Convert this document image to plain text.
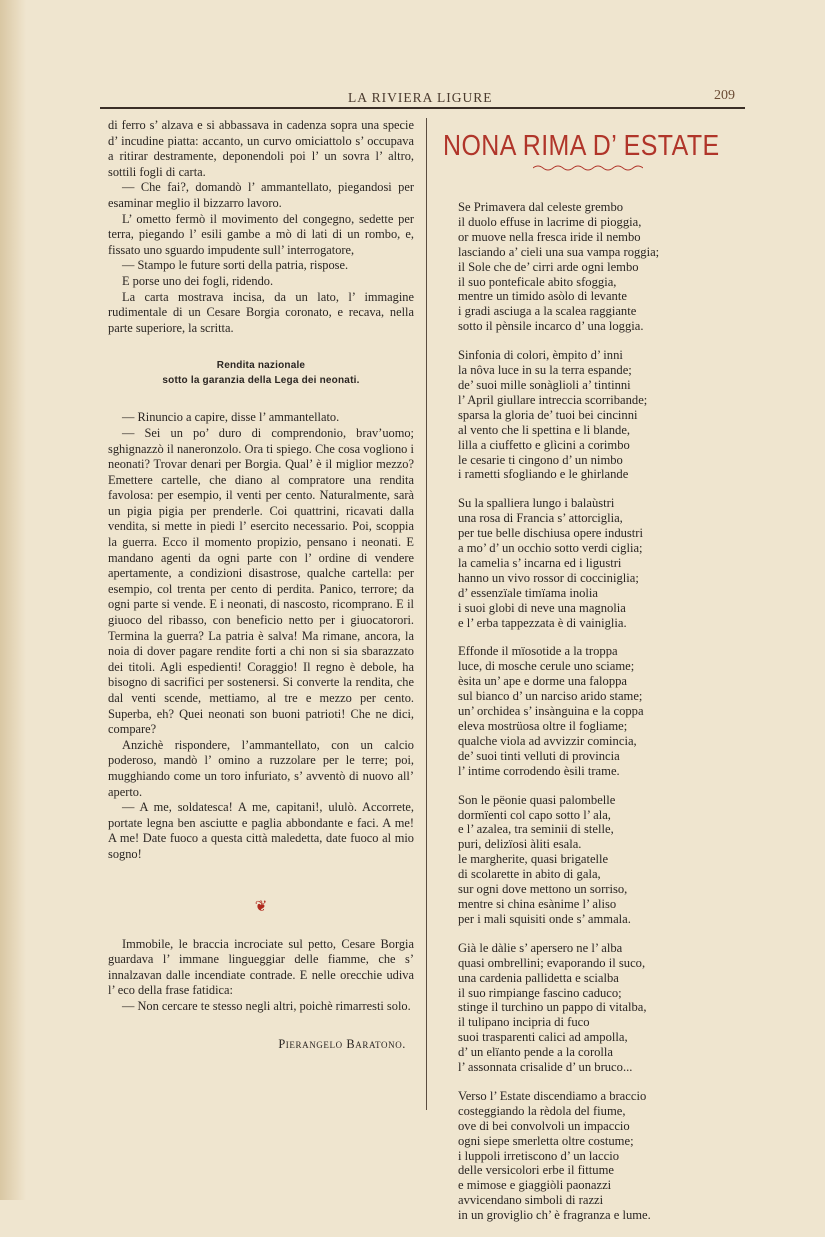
LA RIVIERA LIGURE	209

di ferro s’ alzava e si abbassava in cadenza sopra una specie d’ incudine piatta: accanto, un curvo omiciattolo s’ occupava a ritirar destramente, deponendoli poi l’ un sovra l’ altro, sottili fogli di carta.

— Che fai?, domandò l’ ammantellato, piegandosi per esaminar meglio il bizzarro lavoro.

L’ ometto fermò il movimento del congegno, sedette per terra, piegando l’ esili gambe a mò di lati di un rombo, e, fissato uno sguardo impudente sull’ interrogatore,

— Stampo le future sorti della patria, rispose.

E porse uno dei fogli, ridendo.

La carta mostrava incisa, da un lato, l’ immagine rudimentale di un Cesare Borgia coronato, e recava, nella parte superiore, la scritta.

Rendita nazionale

sotto la garanzia della Lega dei neonati.

— Rinuncio a capire, disse l’ ammantellato.

— Sei un po’ duro di comprendonio, brav’uomo; sghignazzò il naneronzolo. Ora ti spiego. Che cosa vogliono i neonati? Trovar denari per Borgia. Qual’ è il miglior mezzo? Emettere cartelle, che diano al compratore una rendita favolosa: per esempio, il venti per cento. Naturalmente, sarà un pigia pigia per prenderle. Coi quattrini, ricavati dalla vendita, si mette in piedi l’ esercito necessario. Poi, scoppia la guerra. Ecco il momento propizio, pensano i neonati. E mandano agenti da ogni parte con l’ ordine di vendere apertamente, a condizioni disastrose, qualche cartella: per esempio, col trenta per cento di perdita. Panico, terrore; da ogni parte si vende. E i neonati, di nascosto, ricomprano. E il giuoco del ribasso, con beneficio netto per i giuocatorori. Termina la guerra? La patria è salva! Ma rimane, ancora, la noia di dover pagare rendite forti a chi non si sia sbarazzato dei titoli. Agli espedienti! Coraggio! Il regno è debole, ha bisogno di sacrifici per sostenersi. Si converte la rendita, che dal venti scende, mettiamo, al tre e mezzo per cento. Superba, eh? Quei neonati son buoni patrioti! Che ne dici, compare?

Anzichè rispondere, l’ammantellato, con un calcio poderoso, mandò l’ omino a ruzzolare per le terre; poi, mugghiando come un toro infuriato, s’ avventò di nuovo all’ aperto.

— A me, soldatesca! A me, capitani!, ululò. Accorrete, portate legna ben asciutte e paglia abbondante e faci. A me! A me! Date fuoco a questa città maledetta, date fuoco al mio sogno!

❦

Immobile, le braccia incrociate sul petto, Cesare Borgia guardava l’ immane linguеggiar delle fiamme, che s’ innalzavan dalle incendiate contrade. E nelle orecchie udiva l’ eco della frase fatidica:

— Non cercare te stesso negli altri, poichè rimarresti solo.

Pierangelo Baratono.

NONA RIMA D’ ESTATE
Se Primavera dal celeste grembo
il duolo effuse in lacrime di pioggia,
or muove nella fresca iride il nembo
lasciando a’ cieli una sua vampa roggia;
il Sole che de’ cirri arde ogni lembo
il suo ponteficale abito sfoggia,
mentre un timido asòlo di levante
i gradi asciuga a la scalea raggiante
sotto il pènsile incarco d’ una loggia.
Sinfonia di colori, èmpito d’ inni
la nôva luce in su la terra espande;
de’ suoi mille sonàglioli a’ tintinni
l’ April giullare intreccia scorribande;
sparsa la gloria de’ tuoi bei cincinni
al vento che li spettina e li blande,
lilla a ciuffetto e glìcini a corimbo
le cesarie ti cingono d’ un nimbo
i rametti sfogliando e le ghirlande
Su la spalliera lungo i balaùstri
una rosa di Francia s’ attorciglia,
per tue belle dischiusa opere industri
a mo’ d’ un occhio sotto verdi ciglia;
la camelia s’ incarna ed i ligustri
hanno un vivo rossor di cocciniglia;
d’ essenzïale timïama inolia
i suoi globi di neve una magnolia
e l’ erba tappezzata è di vainiglia.
Effonde il mïosotide a la troppa
luce, di mosche cerule uno sciame;
èsita un’ ape e dorme una faloppa
sul bianco d’ un narciso arido stame;
un’ orchidea s’ insànguina e la coppa
eleva mostrüosa oltre il fogliame;
qualche viola ad avvizzir comincia,
de’ suoi tinti velluti di provincia
l’ intime corrodendo èsili trame.
Son le pëonie quasi palombelle
dormïenti col capo sotto l’ ala,
e l’ azalea, tra seminii di stelle,
puri, delizïosi àliti esala.
le margherite, quasi brigatelle
di scolarette in abito di gala,
sur ogni dove mettono un sorriso,
mentre si china esànime l’ aliso
per i mali squisiti onde s’ ammala.
Già le dàlie s’ apersero ne l’ alba
quasi ombrellini; evaporando il suco,
una cardenia pallidetta e scialba
il suo rimpiange fascino caduco;
stinge il turchino un pappo di vitalba,
il tulipano incipria di fuco
suoi trasparenti calici ad ampolla,
d’ un elïanto pende a la corolla
l’ assonnata crisalide d’ un bruco...
Verso l’ Estate discendiamo a braccio
costeggiando la rèdola del fiume,
ove di bei convolvoli un impaccio
ogni siepe smerletta oltre costume;
i luppoli irretiscono d’ un laccio
delle versicolori erbe il fittume
e mimose e giaggiòli paonazzi
avvicendano simboli di razzi
in un groviglio ch’ è fragranza e lume.
